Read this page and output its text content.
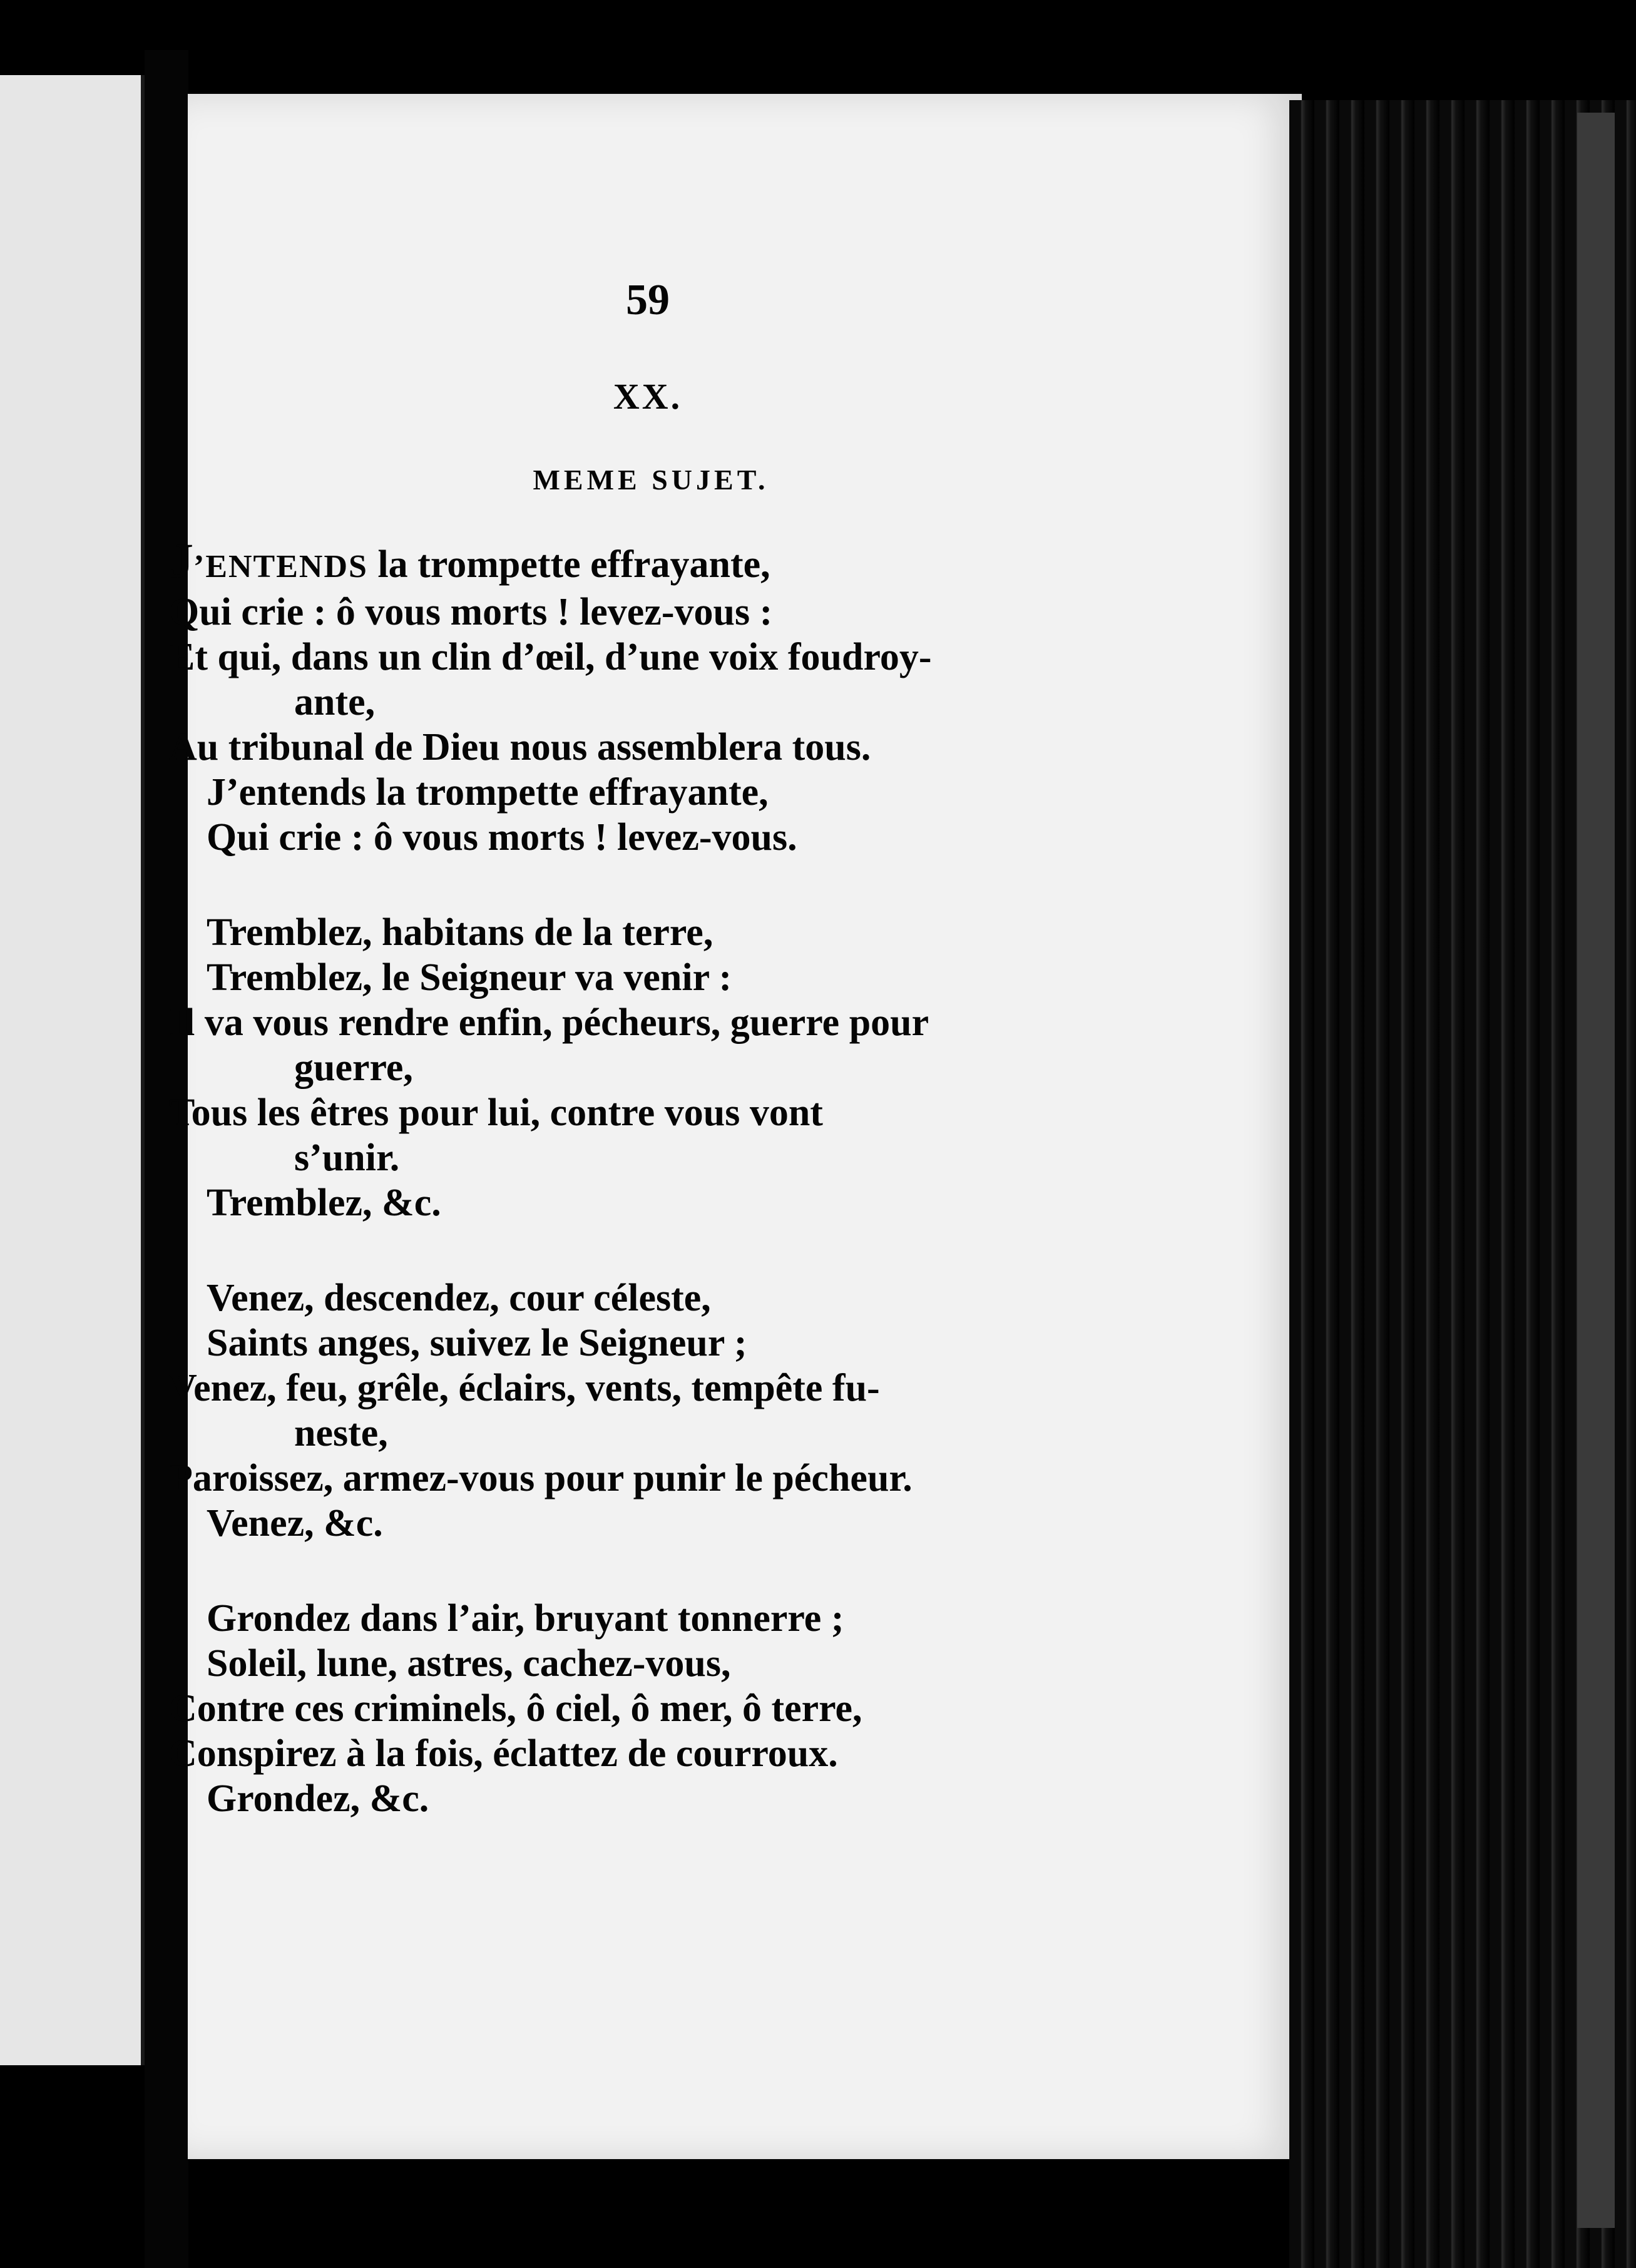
59
XX.
MEME SUJET.
J’ENTENDS la trompette effrayante,
Qui crie : ô vous morts ! levez-vous :
Et qui, dans un clin d’œil, d’une voix foudroy-
ante,
Au tribunal de Dieu nous assemblera tous.
J’entends la trompette effrayante,
Qui crie : ô vous morts ! levez-vous.
Tremblez, habitans de la terre,
Tremblez, le Seigneur va venir :
Il va vous rendre enfin, pécheurs, guerre pour
guerre,
Tous les êtres pour lui, contre vous vont
s’unir.
Tremblez, &c.
Venez, descendez, cour céleste,
Saints anges, suivez le Seigneur ;
Venez, feu, grêle, éclairs, vents, tempête fu-
neste,
Paroissez, armez-vous pour punir le pécheur.
Venez, &c.
Grondez dans l’air, bruyant tonnerre ;
Soleil, lune, astres, cachez-vous,
Contre ces criminels, ô ciel, ô mer, ô terre,
Conspirez à la fois, éclattez de courroux.
Grondez, &c.
